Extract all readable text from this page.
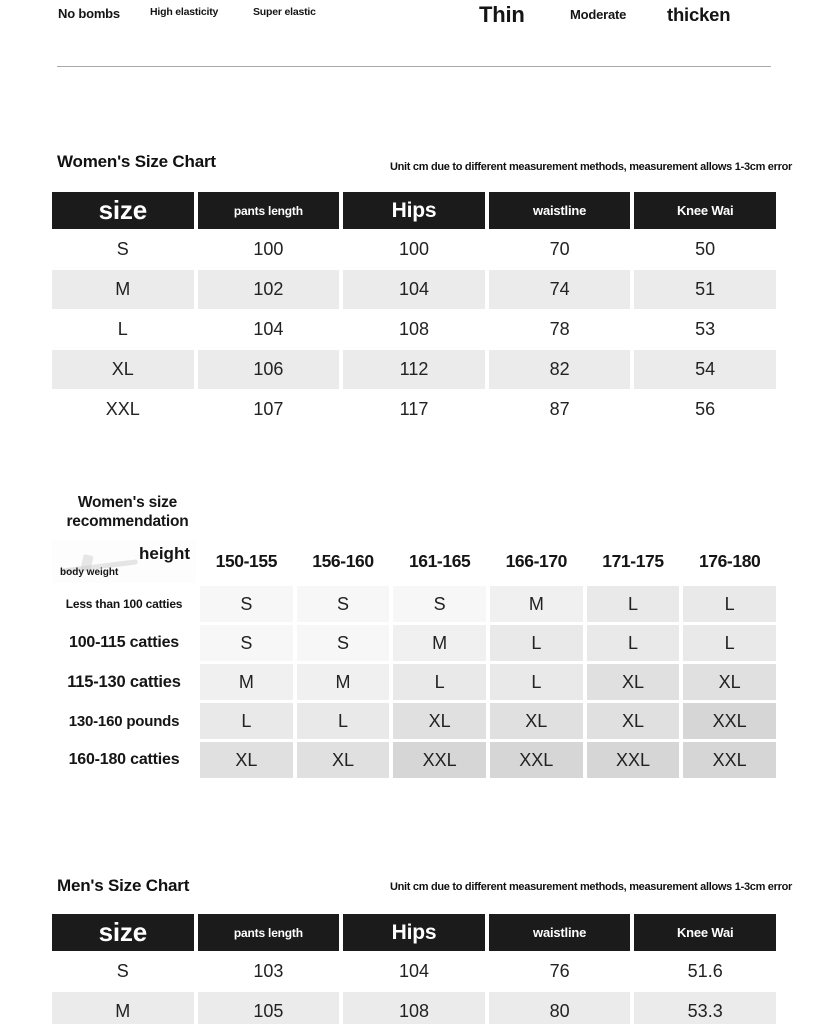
No bombs	High elasticity	Super elastic	Thin	Moderate thicken
Women's Size Chart	Unit cm due to different measurement methods, measurement allows 1-3cm error
size	pants length	Hips	waistline	Knee Wai
S	100	100	70	50
M	102	104	74	51
L	104	108	78	53
XL	106	112	82	54
XXL	107	117	87	56
Women's size
recommendation
height
body weight
150-155	156-160	161-165	166-170	171-175	176-180
Less than 100 catties	S	S	S	M	L	L
100-115 catties	S	S	M	L	L	L
115-130 catties	M	M	L	L	XL	XL
130-160 pounds	L	L	XL	XL	XL	XXL
160-180 catties	XL	XL	XXL	XXL	XXL	XXL
Men's Size Chart	Unit cm due to different measurement methods, measurement allows 1-3cm error
size	pants length	Hips	waistline	Knee Wai
S	103	104	76	51.6
M	105	108	80	53.3
